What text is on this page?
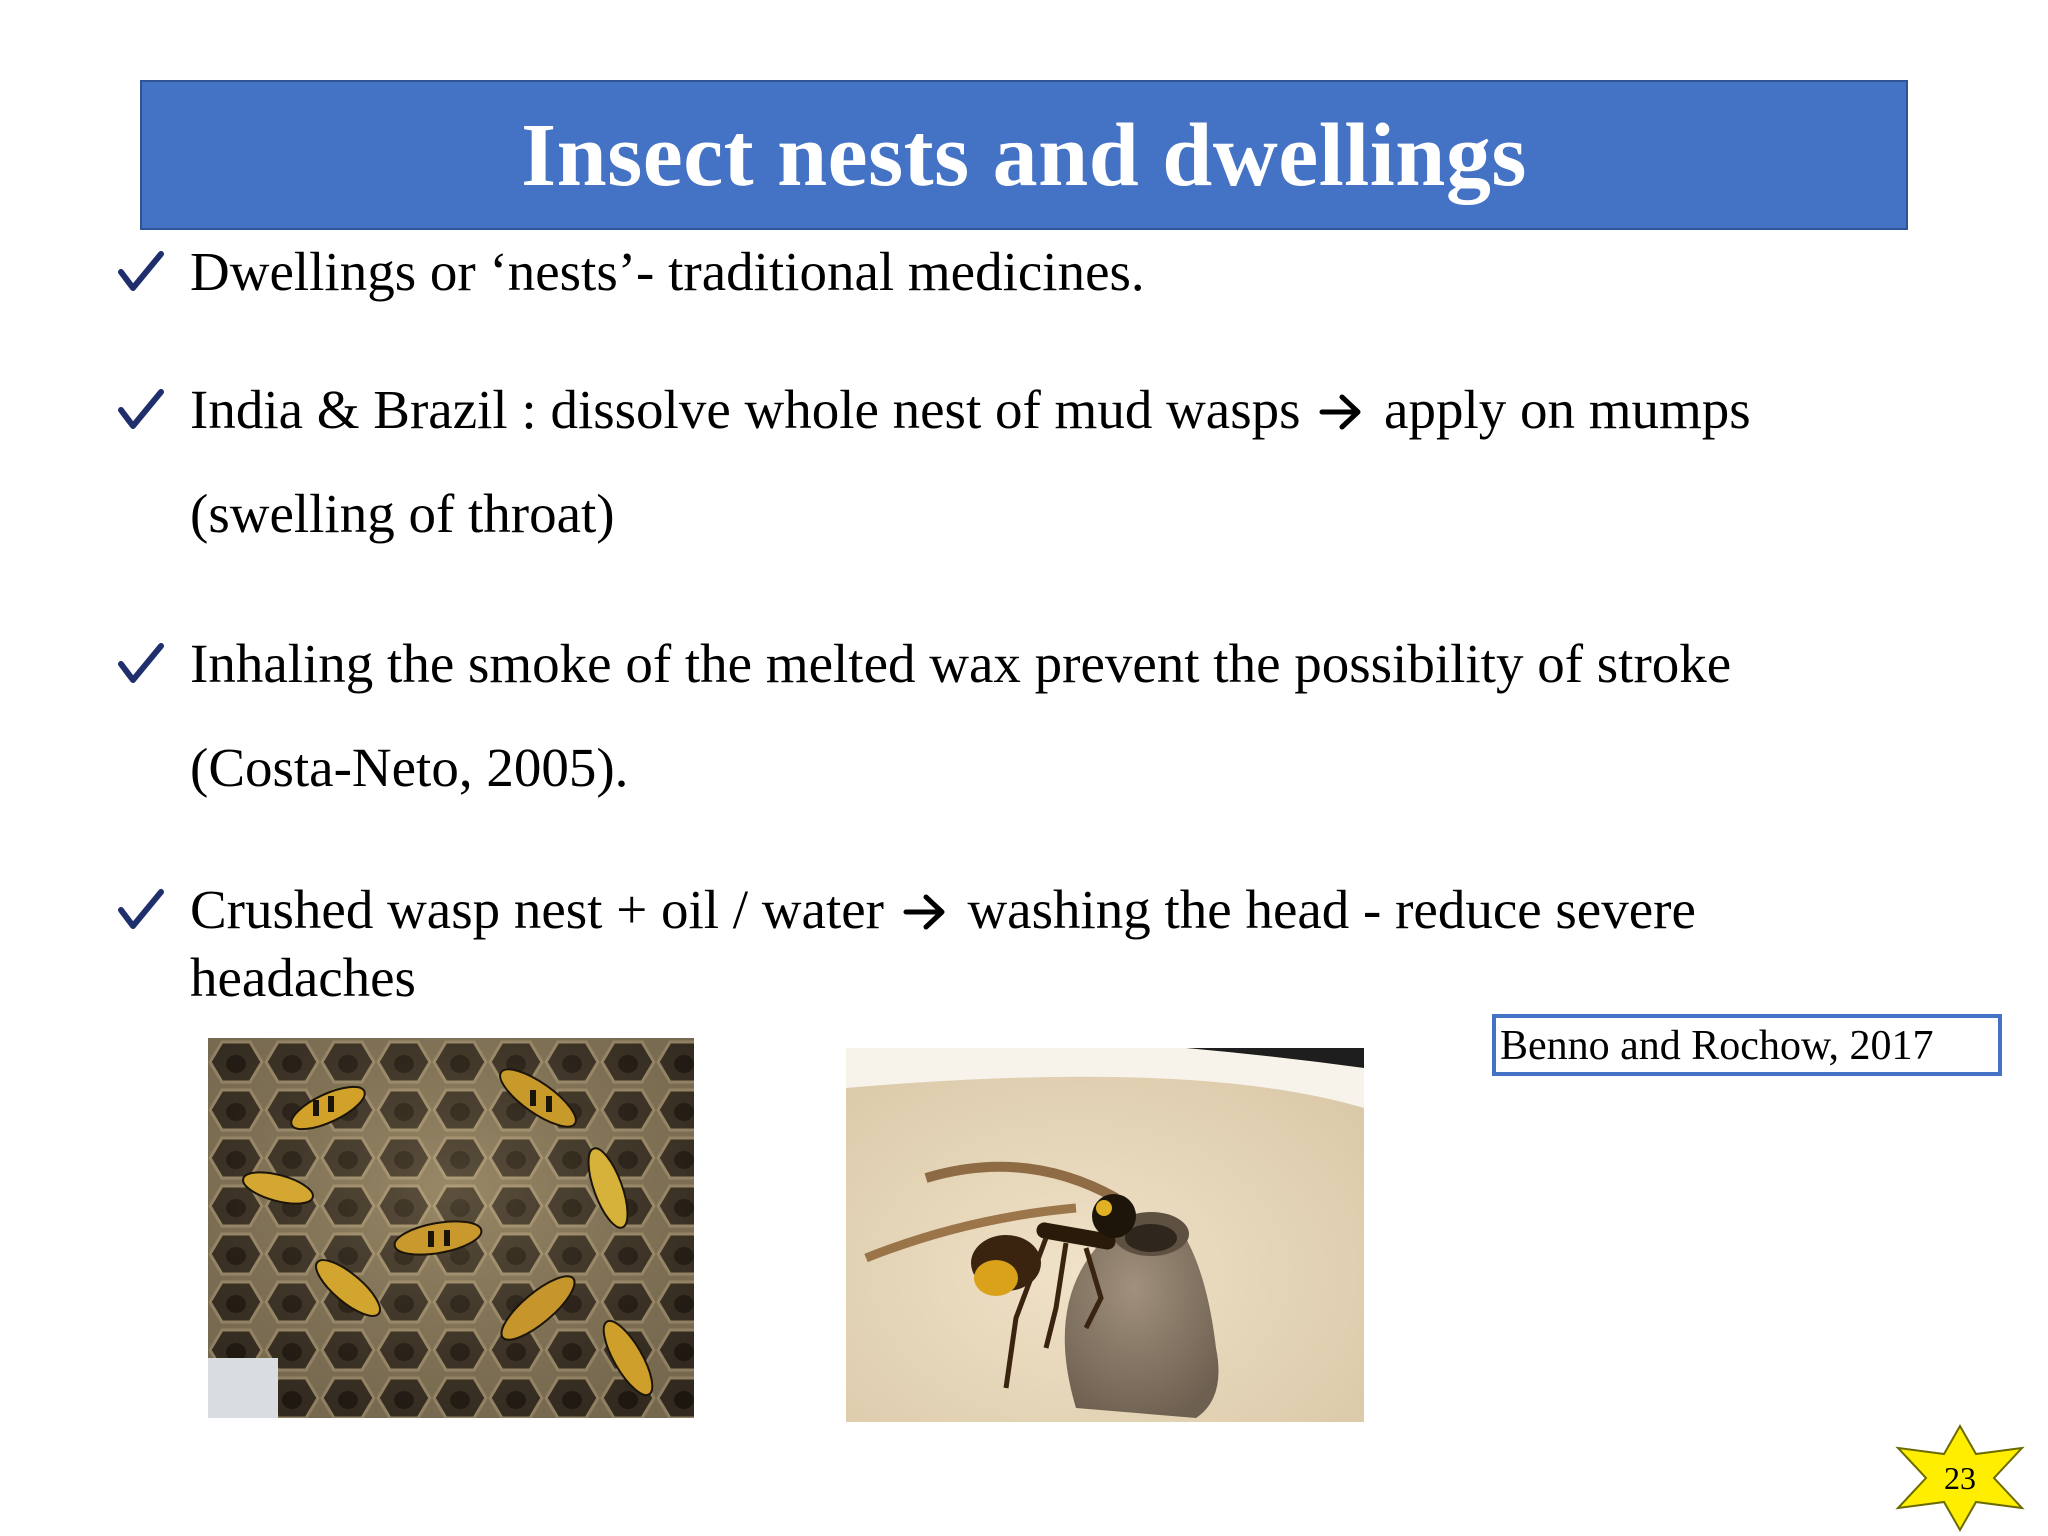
Insect nests and dwellings
Dwellings or ‘nests’- traditional medicines.
India & Brazil : dissolve whole nest of mud wasps apply on mumps
(swelling of throat)
Inhaling the smoke of the melted wax prevent the possibility of stroke
(Costa-Neto, 2005).
Crushed wasp nest + oil / water washing the head - reduce severe
headaches
Benno and Rochow, 2017
23
